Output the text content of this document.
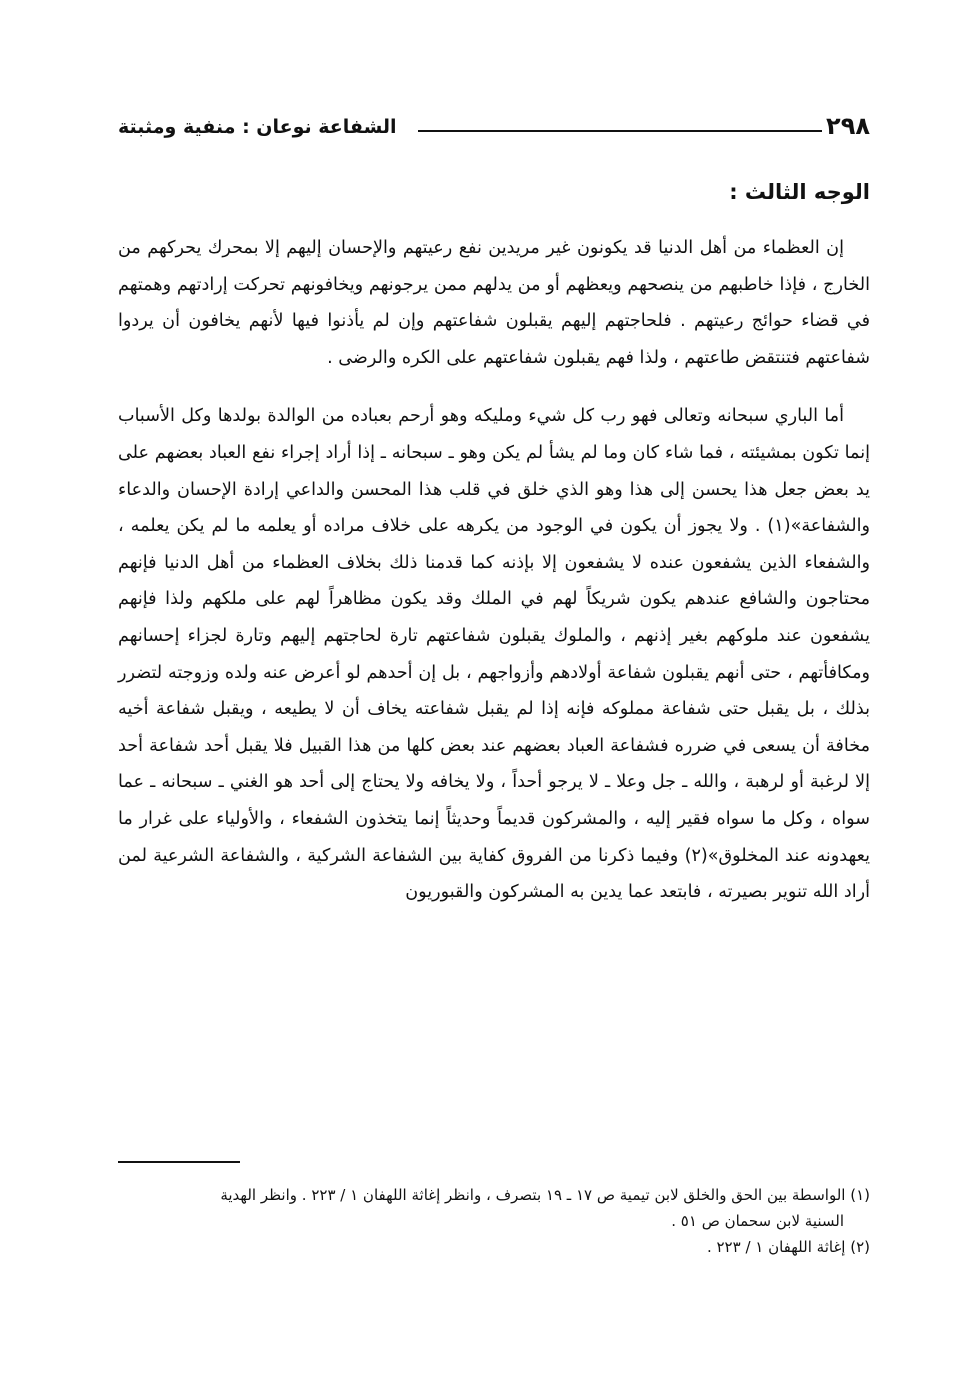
٢٩٨
الشفاعة نوعان : منفية ومثبتة
الوجه الثالث :

إن العظماء من أهل الدنيا قد يكونون غير مريدين نفع رعيتهم والإحسان إليهم إلا بمحرك يحركهم من الخارج ، فإذا خاطبهم من ينصحهم ويعظهم أو من يدلهم ممن يرجونهم ويخافونهم تحركت إرادتهم وهمتهم في قضاء حوائج رعيتهم . فلحاجتهم إليهم يقبلون شفاعتهم وإن لم يأذنوا فيها لأنهم يخافون أن يردوا شفاعتهم فتنتقض طاعتهم ، ولذا فهم يقبلون شفاعتهم على الكره والرضى .

أما الباري سبحانه وتعالى فهو رب كل شيء ومليكه وهو أرحم بعباده من الوالدة بولدها وكل الأسباب إنما تكون بمشيئته ، فما شاء كان وما لم يشأ لم يكن وهو ـ سبحانه ـ إذا أراد إجراء نفع العباد بعضهم على يد بعض جعل هذا يحسن إلى هذا وهو الذي خلق في قلب هذا المحسن والداعي إرادة الإحسان والدعاء والشفاعة»(١) . ولا يجوز أن يكون في الوجود من يكرهه على خلاف مراده أو يعلمه ما لم يكن يعلمه ، والشفعاء الذين يشفعون عنده لا يشفعون إلا بإذنه كما قدمنا ذلك بخلاف العظماء من أهل الدنيا فإنهم محتاجون والشافع عندهم يكون شريكاً لهم في الملك وقد يكون مظاهراً لهم على ملكهم ولذا فإنهم يشفعون عند ملوكهم بغير إذنهم ، والملوك يقبلون شفاعتهم تارة لحاجتهم إليهم وتارة لجزاء إحسانهم ومكافأتهم ، حتى أنهم يقبلون شفاعة أولادهم وأزواجهم ، بل إن أحدهم لو أعرض عنه ولده وزوجته لتضرر بذلك ، بل يقبل حتى شفاعة مملوكه فإنه إذا لم يقبل شفاعته يخاف أن لا يطيعه ، ويقبل شفاعة أخيه مخافة أن يسعى في ضرره فشفاعة العباد بعضهم عند بعض كلها من هذا القبيل فلا يقبل أحد شفاعة أحد إلا لرغبة أو لرهبة ، والله ـ جل وعلا ـ لا يرجو أحداً ، ولا يخافه ولا يحتاج إلى أحد هو الغني ـ سبحانه ـ عما سواه ، وكل ما سواه فقير إليه ، والمشركون قديماً وحديثاً إنما يتخذون الشفعاء ، والأولياء على غرار ما يعهدونه عند المخلوق»(٢) وفيما ذكرنا من الفروق كفاية بين الشفاعة الشركية ، والشفاعة الشرعية لمن أراد الله تنوير بصيرته ، فابتعد عما يدين به المشركون والقبوريون

(١) الواسطة بين الحق والخلق لابن تيمية ص ١٧ ـ ١٩ بتصرف ، وانظر إغاثة اللهفان ١ / ٢٢٣ . وانظر الهدية

السنية لابن سحمان ص ٥١ .

(٢) إغاثة اللهفان ١ / ٢٢٣ .
